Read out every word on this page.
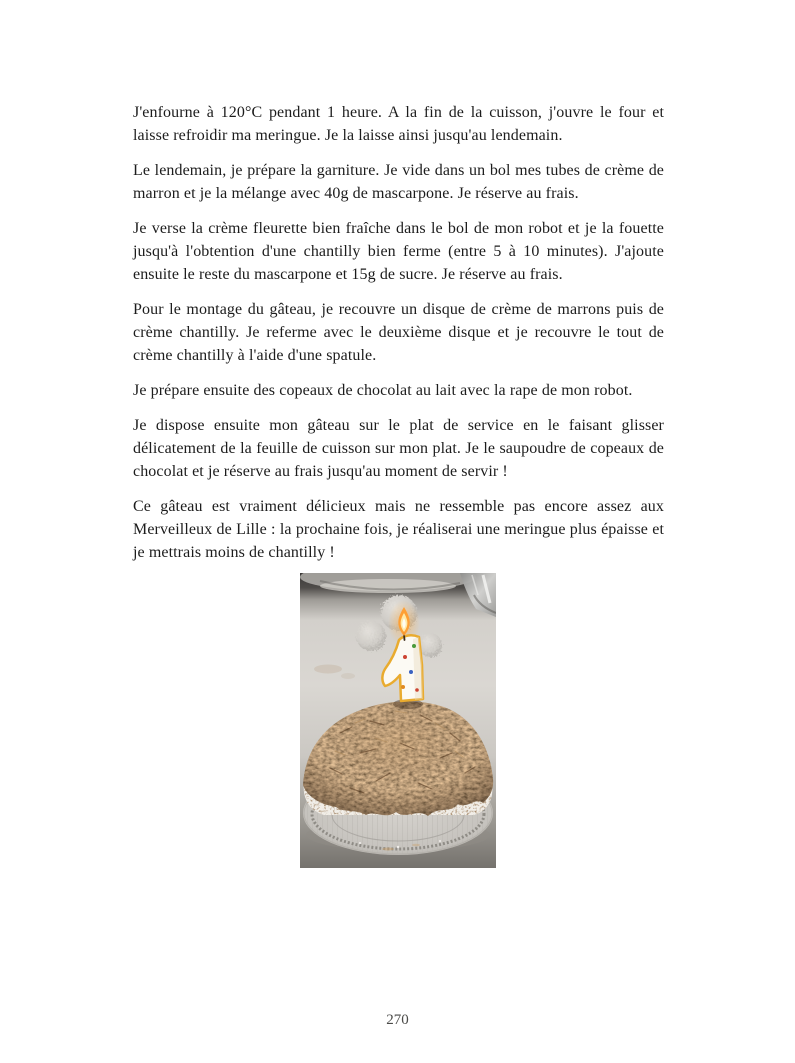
J'enfourne à 120°C pendant 1 heure. A la fin de la cuisson, j'ouvre le four et laisse refroidir ma meringue. Je la laisse ainsi jusqu'au lendemain.

Le lendemain, je prépare la garniture. Je vide dans un bol mes tubes de crème de marron et je la mélange avec 40g de mascarpone. Je réserve au frais.

Je verse la crème fleurette bien fraîche dans le bol de mon robot et je la fouette jusqu'à l'obtention d'une chantilly bien ferme (entre 5 à 10 minutes). J'ajoute ensuite le reste du mascarpone et 15g de sucre. Je réserve au frais.

Pour le montage du gâteau, je recouvre un disque de crème de marrons puis de crème chantilly. Je referme avec le deuxième disque et je recouvre le tout de crème chantilly à l'aide d'une spatule.

Je prépare ensuite des copeaux de chocolat au lait avec la rape de mon robot.

Je dispose ensuite mon gâteau sur le plat de service en le faisant glisser délicatement de la feuille de cuisson sur mon plat. Je le saupoudre de copeaux de chocolat et je réserve au frais jusqu'au moment de servir !

Ce gâteau est vraiment délicieux mais ne ressemble pas encore assez aux Merveilleux de Lille : la prochaine fois, je réaliserai une meringue plus épaisse et je mettrais moins de chantilly !

270
